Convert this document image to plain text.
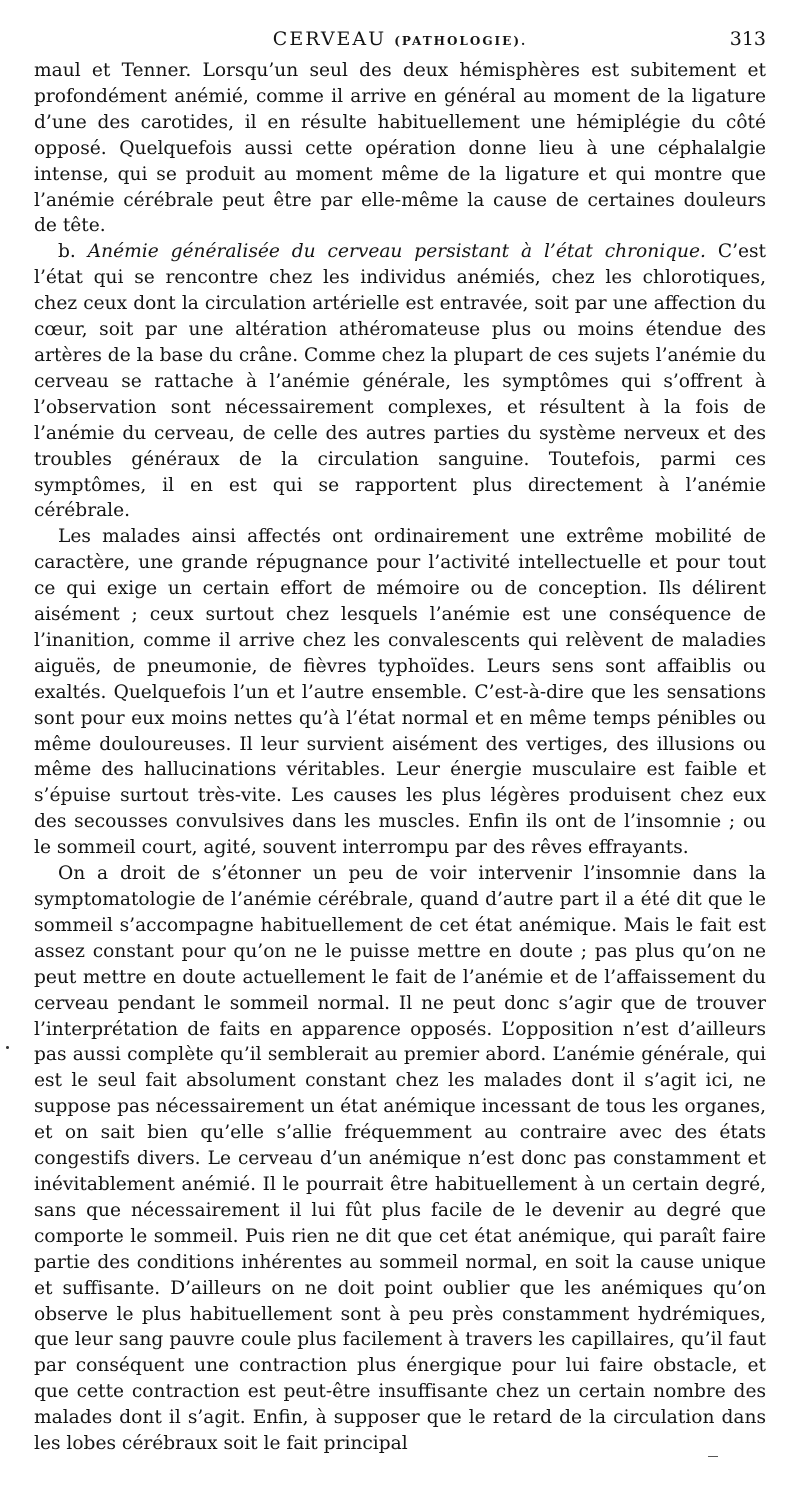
CERVEAU (PATHOLOGIE).	313

maul et Tenner. Lorsqu’un seul des deux hémisphères est subitement et profondément anémié, comme il arrive en général au moment de la ligature d’une des carotides, il en résulte habituellement une hémiplégie du côté opposé. Quelquefois aussi cette opération donne lieu à une céphalalgie intense, qui se produit au moment même de la ligature et qui montre que l’anémie cérébrale peut être par elle-même la cause de certaines douleurs de tête.

b. Anémie généralisée du cerveau persistant à l’état chronique. C’est l’état qui se rencontre chez les individus anémiés, chez les chlorotiques, chez ceux dont la circulation artérielle est entravée, soit par une affection du cœur, soit par une altération athéromateuse plus ou moins étendue des artères de la base du crâne. Comme chez la plupart de ces sujets l’anémie du cerveau se rattache à l’anémie générale, les symptômes qui s’offrent à l’observation sont nécessairement complexes, et résultent à la fois de l’anémie du cerveau, de celle des autres parties du système nerveux et des troubles généraux de la circulation sanguine. Toutefois, parmi ces symptômes, il en est qui se rapportent plus directement à l’anémie cérébrale.

Les malades ainsi affectés ont ordinairement une extrême mobilité de caractère, une grande répugnance pour l’activité intellectuelle et pour tout ce qui exige un certain effort de mémoire ou de conception. Ils délirent aisément ; ceux surtout chez lesquels l’anémie est une conséquence de l’inanition, comme il arrive chez les convalescents qui relèvent de maladies aiguës, de pneumonie, de fièvres typhoïdes. Leurs sens sont affaiblis ou exaltés. Quelquefois l’un et l’autre ensemble. C’est-à-dire que les sensations sont pour eux moins nettes qu’à l’état normal et en même temps pénibles ou même douloureuses. Il leur survient aisément des vertiges, des illusions ou même des hallucinations véritables. Leur énergie musculaire est faible et s’épuise surtout très-vite. Les causes les plus légères produisent chez eux des secousses convulsives dans les muscles. Enfin ils ont de l’insomnie ; ou le sommeil court, agité, souvent interrompu par des rêves effrayants.

On a droit de s’étonner un peu de voir intervenir l’insomnie dans la symptomatologie de l’anémie cérébrale, quand d’autre part il a été dit que le sommeil s’accompagne habituellement de cet état anémique. Mais le fait est assez constant pour qu’on ne le puisse mettre en doute ; pas plus qu’on ne peut mettre en doute actuellement le fait de l’anémie et de l’affaissement du cerveau pendant le sommeil normal. Il ne peut donc s’agir que de trouver l’interprétation de faits en apparence opposés. L’opposition n’est d’ailleurs pas aussi complète qu’il semblerait au premier abord. L’anémie générale, qui est le seul fait absolument constant chez les malades dont il s’agit ici, ne suppose pas nécessairement un état anémique incessant de tous les organes, et on sait bien qu’elle s’allie fréquemment au contraire avec des états congestifs divers. Le cerveau d’un anémique n’est donc pas constamment et inévitablement anémié. Il le pourrait être habituellement à un certain degré, sans que nécessairement il lui fût plus facile de le devenir au degré que comporte le sommeil. Puis rien ne dit que cet état anémique, qui paraît faire partie des conditions inhérentes au sommeil normal, en soit la cause unique et suffisante. D’ailleurs on ne doit point oublier que les anémiques qu’on observe le plus habituellement sont à peu près constamment hydrémiques, que leur sang pauvre coule plus facilement à travers les capillaires, qu’il faut par conséquent une contraction plus énergique pour lui faire obstacle, et que cette contraction est peut-être insuffisante chez un certain nombre des malades dont il s’agit. Enfin, à supposer que le retard de la circulation dans les lobes cérébraux soit le fait principal
